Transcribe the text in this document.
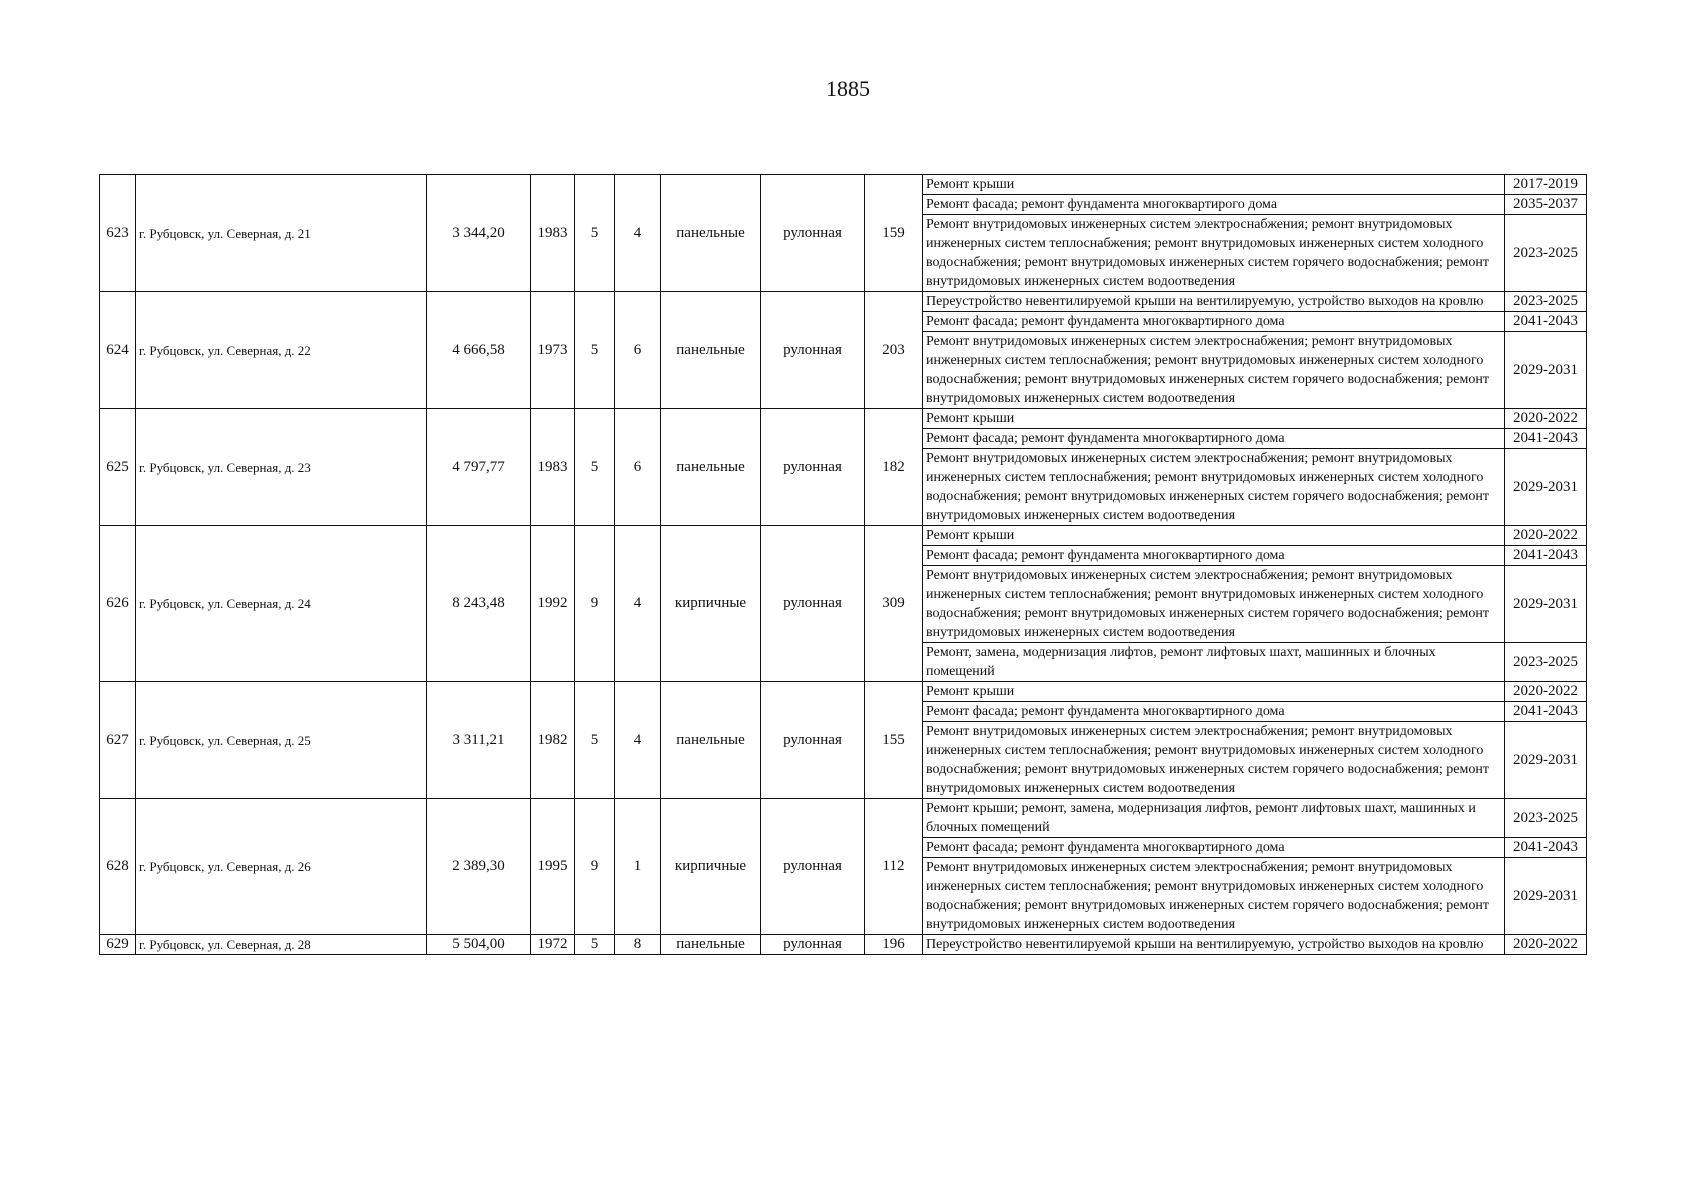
1885
623	г. Рубцовск, ул. Северная, д. 21	3 344,20	1983	5	4	панельные	рулонная	159	Ремонт крыши	2017-2019
									Ремонт фасада; ремонт фундамента многоквартирого дома	2035-2037
									Ремонт внутридомовых инженерных систем электроснабжения; ремонт внутридомовых инженерных систем теплоснабжения; ремонт внутридомовых инженерных систем холодного водоснабжения; ремонт внутридомовых инженерных систем горячего водоснабжения; ремонт внутридомовых инженерных систем водоотведения	2023-2025
624	г. Рубцовск, ул. Северная, д. 22	4 666,58	1973	5	6	панельные	рулонная	203	Переустройство невентилируемой крыши на вентилируемую, устройство выходов на кровлю	2023-2025
									Ремонт фасада; ремонт фундамента многоквартирного дома	2041-2043
									Ремонт внутридомовых инженерных систем электроснабжения; ремонт внутридомовых инженерных систем теплоснабжения; ремонт внутридомовых инженерных систем холодного водоснабжения; ремонт внутридомовых инженерных систем горячего водоснабжения; ремонт внутридомовых инженерных систем водоотведения	2029-2031
625	г. Рубцовск, ул. Северная, д. 23	4 797,77	1983	5	6	панельные	рулонная	182	Ремонт крыши	2020-2022
									Ремонт фасада; ремонт фундамента многоквартирного дома	2041-2043
									Ремонт внутридомовых инженерных систем электроснабжения; ремонт внутридомовых инженерных систем теплоснабжения; ремонт внутридомовых инженерных систем холодного водоснабжения; ремонт внутридомовых инженерных систем горячего водоснабжения; ремонт внутридомовых инженерных систем водоотведения	2029-2031
626	г. Рубцовск, ул. Северная, д. 24	8 243,48	1992	9	4	кирпичные	рулонная	309	Ремонт крыши	2020-2022
									Ремонт фасада; ремонт фундамента многоквартирного дома	2041-2043
									Ремонт внутридомовых инженерных систем электроснабжения; ремонт внутридомовых инженерных систем теплоснабжения; ремонт внутридомовых инженерных систем холодного водоснабжения; ремонт внутридомовых инженерных систем горячего водоснабжения; ремонт внутридомовых инженерных систем водоотведения	2029-2031
									Ремонт, замена, модернизация лифтов, ремонт лифтовых шахт, машинных и блочных помещений	2023-2025
627	г. Рубцовск, ул. Северная, д. 25	3 311,21	1982	5	4	панельные	рулонная	155	Ремонт крыши	2020-2022
									Ремонт фасада; ремонт фундамента многоквартирного дома	2041-2043
									Ремонт внутридомовых инженерных систем электроснабжения; ремонт внутридомовых инженерных систем теплоснабжения; ремонт внутридомовых инженерных систем холодного водоснабжения; ремонт внутридомовых инженерных систем горячего водоснабжения; ремонт внутридомовых инженерных систем водоотведения	2029-2031
628	г. Рубцовск, ул. Северная, д. 26	2 389,30	1995	9	1	кирпичные	рулонная	112	Ремонт крыши; ремонт, замена, модернизация лифтов, ремонт лифтовых шахт, машинных и блочных помещений	2023-2025
									Ремонт фасада; ремонт фундамента многоквартирного дома	2041-2043
									Ремонт внутридомовых инженерных систем электроснабжения; ремонт внутридомовых инженерных систем теплоснабжения; ремонт внутридомовых инженерных систем холодного водоснабжения; ремонт внутридомовых инженерных систем горячего водоснабжения; ремонт внутридомовых инженерных систем водоотведения	2029-2031
629	г. Рубцовск, ул. Северная, д. 28	5 504,00	1972	5	8	панельные	рулонная	196	Переустройство невентилируемой крыши на вентилируемую, устройство выходов на кровлю	2020-2022
